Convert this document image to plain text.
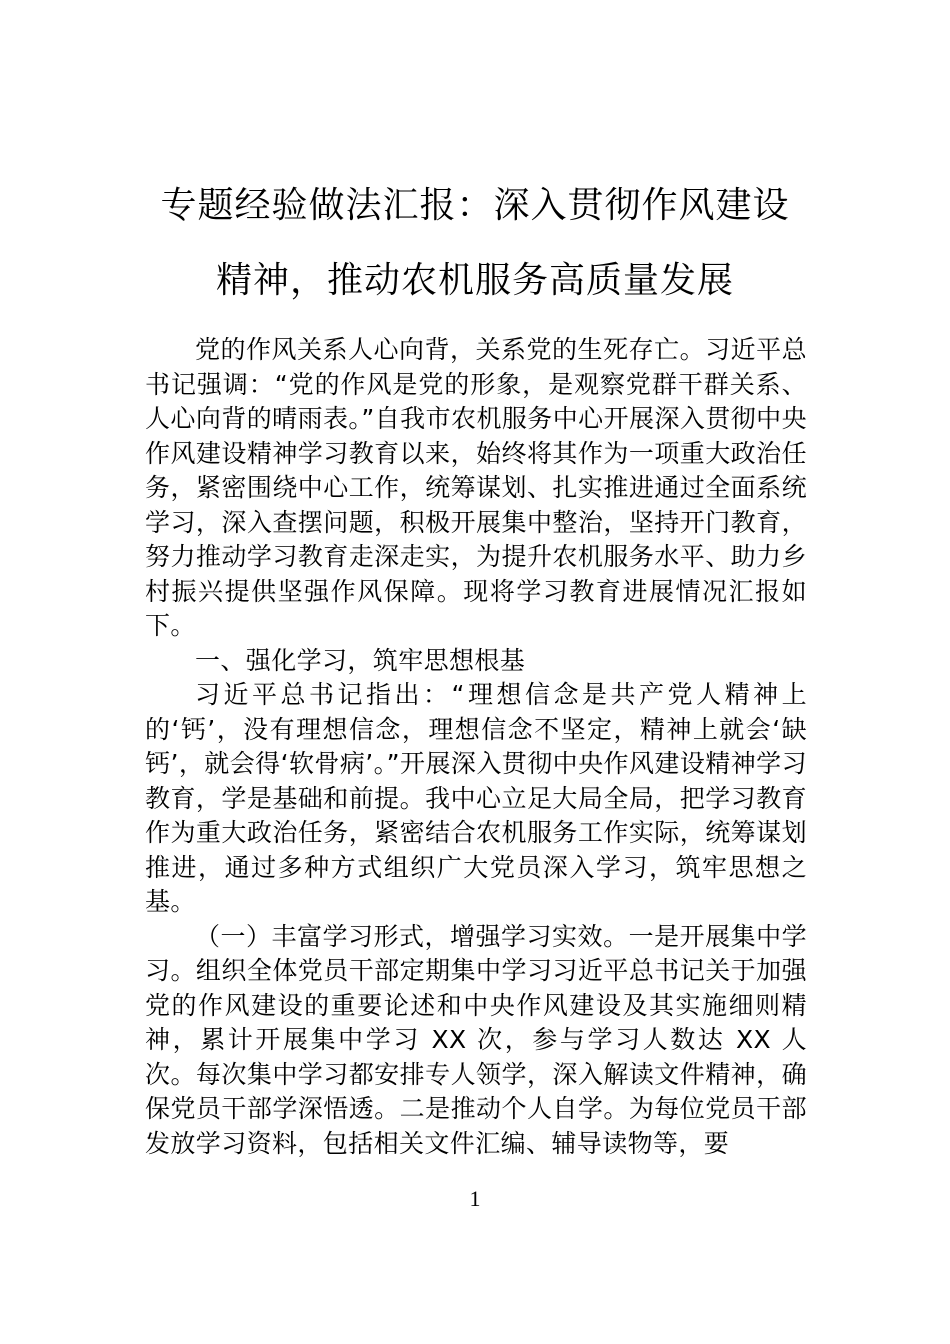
专题经验做法汇报：深入贯彻作风建设精神，推动农机服务高质量发展

党的作风关系人心向背，关系党的生死存亡。习近平总书记强调：“党的作风是党的形象，是观察党群干群关系、人心向背的晴雨表。”自我市农机服务中心开展深入贯彻中央作风建设精神学习教育以来，始终将其作为一项重大政治任务，紧密围绕中心工作，统筹谋划、扎实推进通过全面系统学习，深入查摆问题，积极开展集中整治，坚持开门教育，努力推动学习教育走深走实，为提升农机服务水平、助力乡村振兴提供坚强作风保障。现将学习教育进展情况汇报如下。

一、强化学习，筑牢思想根基

习近平总书记指出：“理想信念是共产党人精神上的‘钙’，没有理想信念，理想信念不坚定，精神上就会‘缺钙’，就会得‘软骨病’。”开展深入贯彻中央作风建设精神学习教育，学是基础和前提。我中心立足大局全局，把学习教育作为重大政治任务，紧密结合农机服务工作实际，统筹谋划推进，通过多种方式组织广大党员深入学习，筑牢思想之基。

（一）丰富学习形式，增强学习实效。一是开展集中学习。组织全体党员干部定期集中学习习近平总书记关于加强党的作风建设的重要论述和中央作风建设及其实施细则精神，累计开展集中学习 XX 次，参与学习人数达 XX 人次。每次集中学习都安排专人领学，深入解读文件精神，确保党员干部学深悟透。二是推动个人自学。为每位党员干部发放学习资料，包括相关文件汇编、辅导读物等，要

1
